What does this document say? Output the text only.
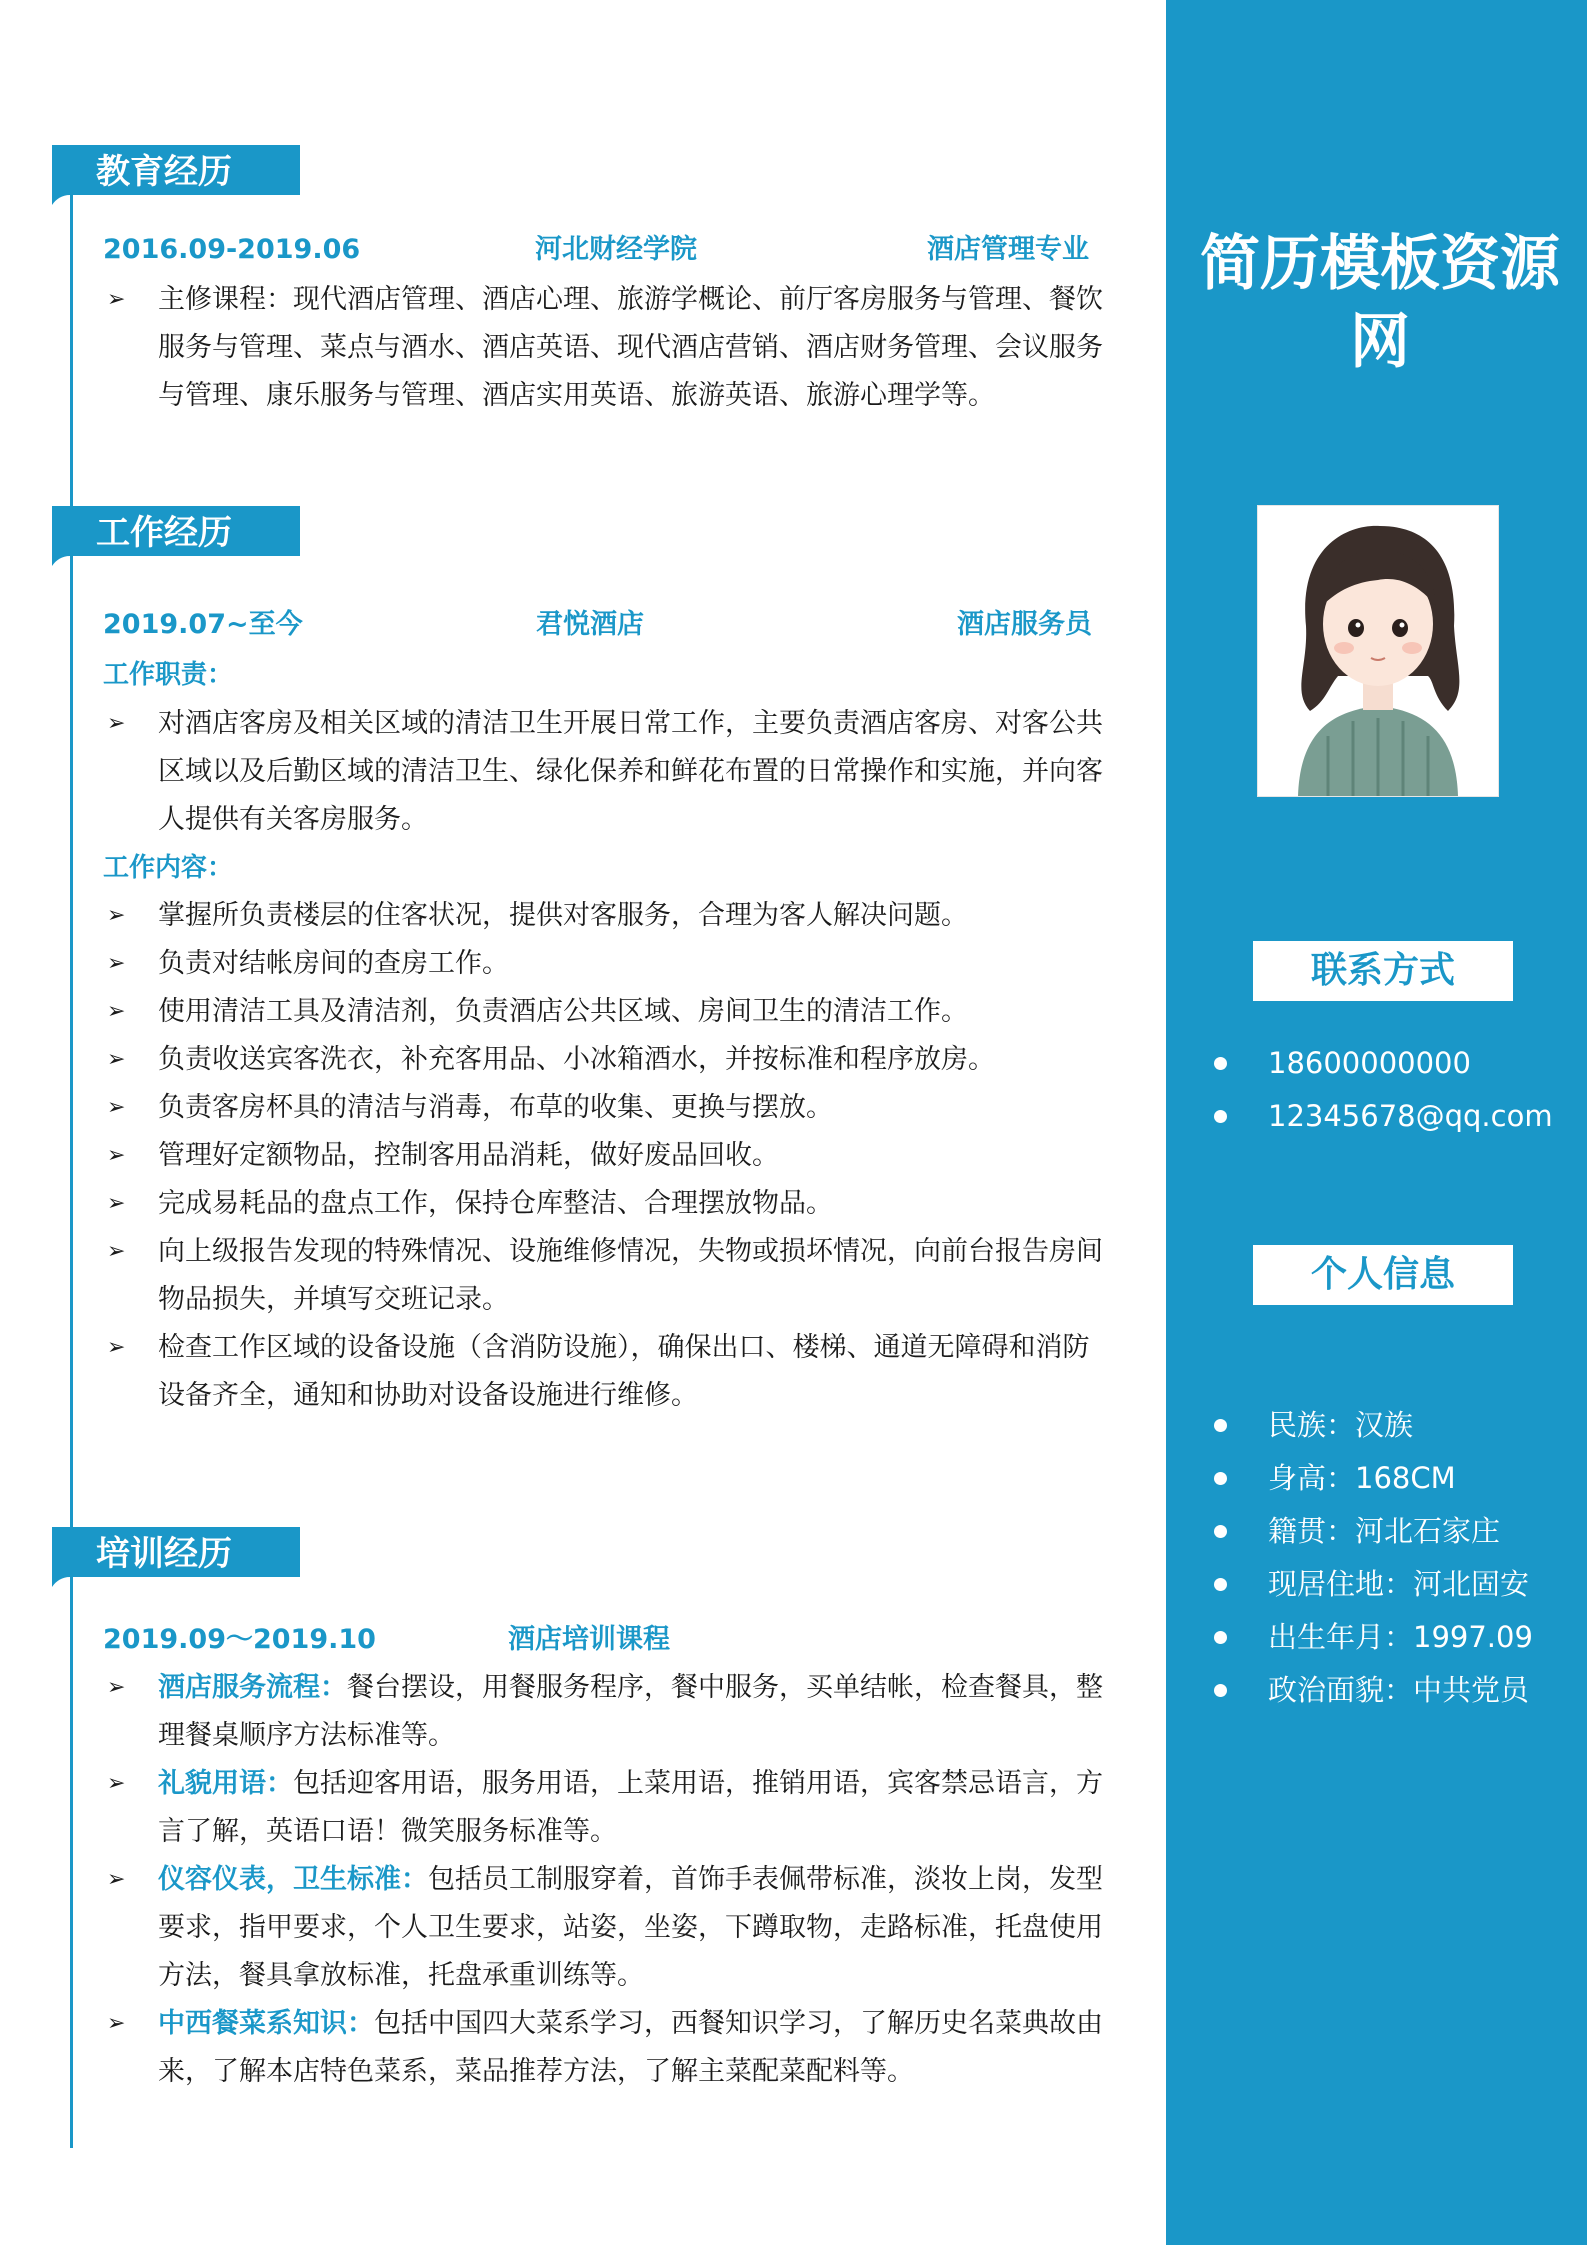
简历模板资源网
联系方式
18600000000
12345678@qq.com
个人信息
民族：汉族
身高：168CM
籍贯：河北石家庄
现居住地：河北固安
出生年月：1997.09
政治面貌：中共党员
教育经历
2016.09-2019.06	河北财经学院	酒店管理专业
➢ 主修课程：现代酒店管理、酒店心理、旅游学概论、前厅客房服务与管理、餐饮服务与管理、菜点与酒水、酒店英语、现代酒店营销、酒店财务管理、会议服务与管理、康乐服务与管理、酒店实用英语、旅游英语、旅游心理学等。
工作经历
2019.07~至今	君悦酒店	酒店服务员
工作职责：
➢ 对酒店客房及相关区域的清洁卫生开展日常工作，主要负责酒店客房、对客公共区域以及后勤区域的清洁卫生、绿化保养和鲜花布置的日常操作和实施，并向客人提供有关客房服务。
工作内容：
➢ 掌握所负责楼层的住客状况，提供对客服务，合理为客人解决问题。
➢ 负责对结帐房间的查房工作。
➢ 使用清洁工具及清洁剂，负责酒店公共区域、房间卫生的清洁工作。
➢ 负责收送宾客洗衣，补充客用品、小冰箱酒水，并按标准和程序放房。
➢ 负责客房杯具的清洁与消毒，布草的收集、更换与摆放。
➢ 管理好定额物品，控制客用品消耗，做好废品回收。
➢ 完成易耗品的盘点工作，保持仓库整洁、合理摆放物品。
➢ 向上级报告发现的特殊情况、设施维修情况，失物或损坏情况，向前台报告房间物品损失，并填写交班记录。
➢ 检查工作区域的设备设施（含消防设施），确保出口、楼梯、通道无障碍和消防设备齐全，通知和协助对设备设施进行维修。
培训经历
2019.09～2019.10	酒店培训课程
➢ 酒店服务流程：餐台摆设，用餐服务程序，餐中服务，买单结帐，检查餐具，整理餐桌顺序方法标准等。
➢ 礼貌用语：包括迎客用语，服务用语，上菜用语，推销用语，宾客禁忌语言，方言了解，英语口语！微笑服务标准等。
➢ 仪容仪表，卫生标准：包括员工制服穿着，首饰手表佩带标准，淡妆上岗，发型要求，指甲要求，个人卫生要求，站姿，坐姿，下蹲取物，走路标准，托盘使用方法，餐具拿放标准，托盘承重训练等。
➢ 中西餐菜系知识：包括中国四大菜系学习，西餐知识学习，了解历史名菜典故由来，了解本店特色菜系，菜品推荐方法，了解主菜配菜配料等。
